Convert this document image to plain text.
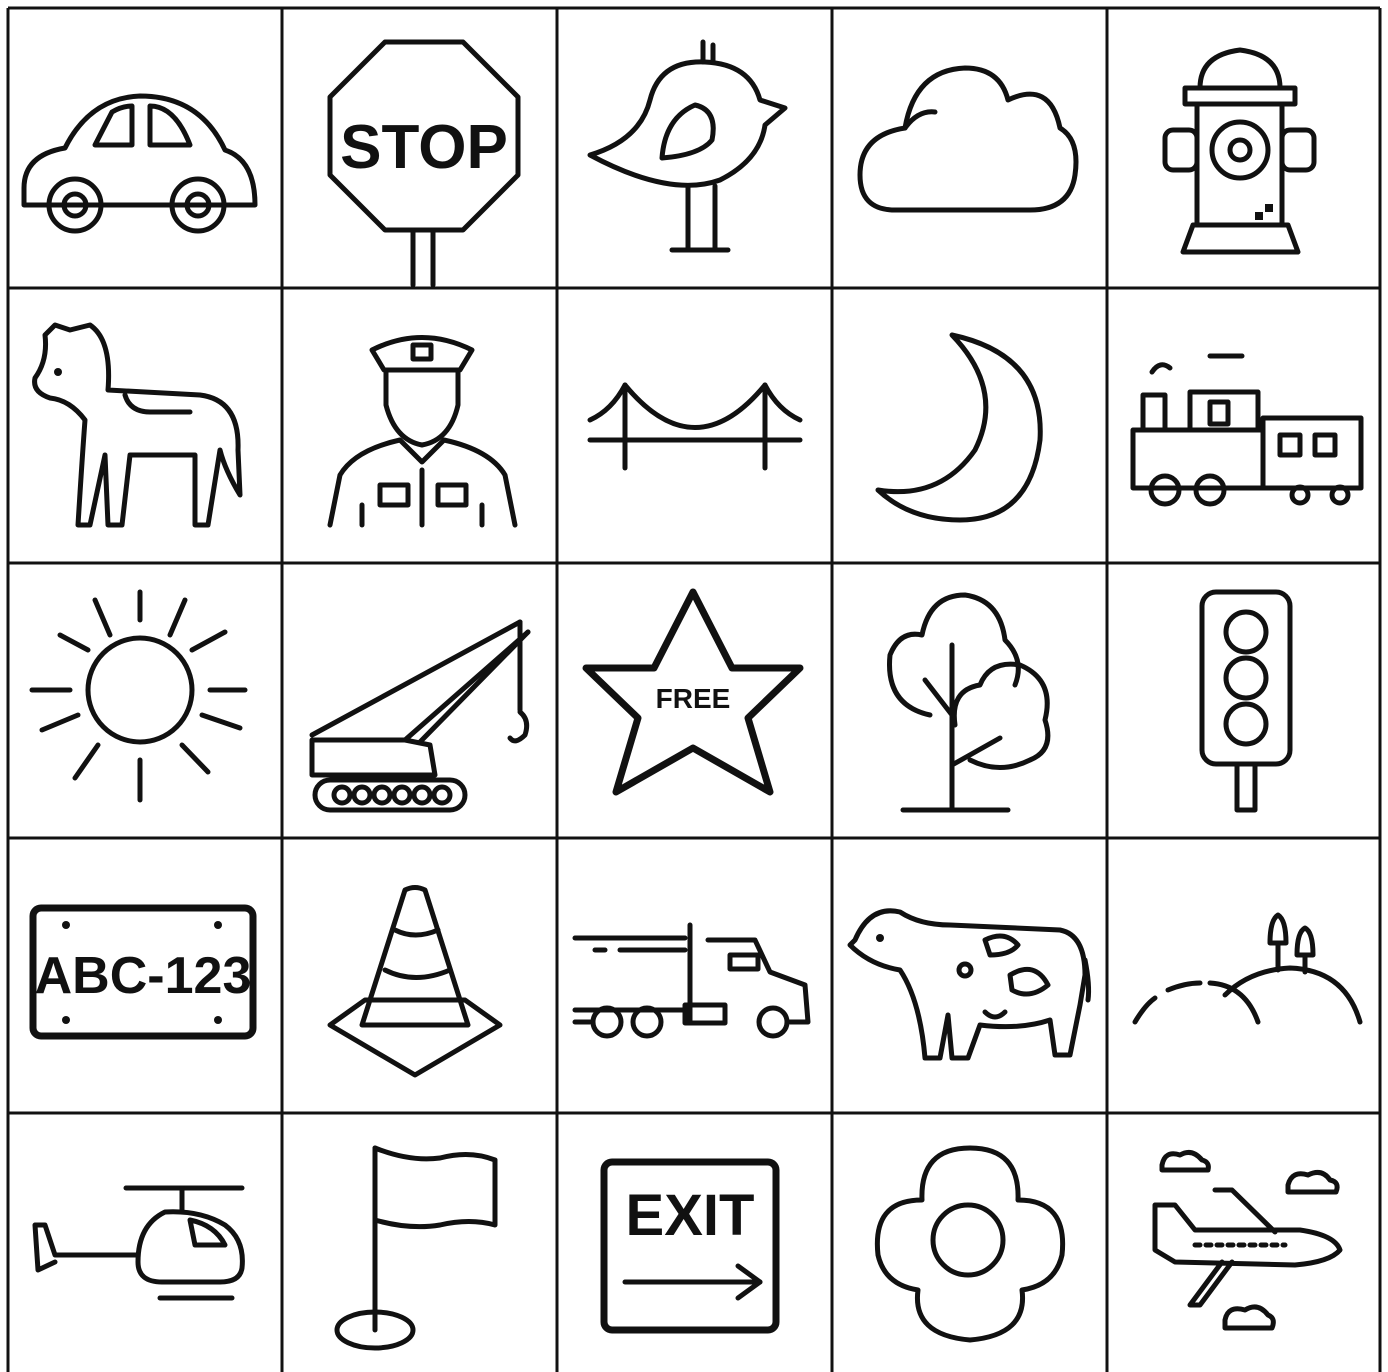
STOP
FREE
ABC-123
EXIT
